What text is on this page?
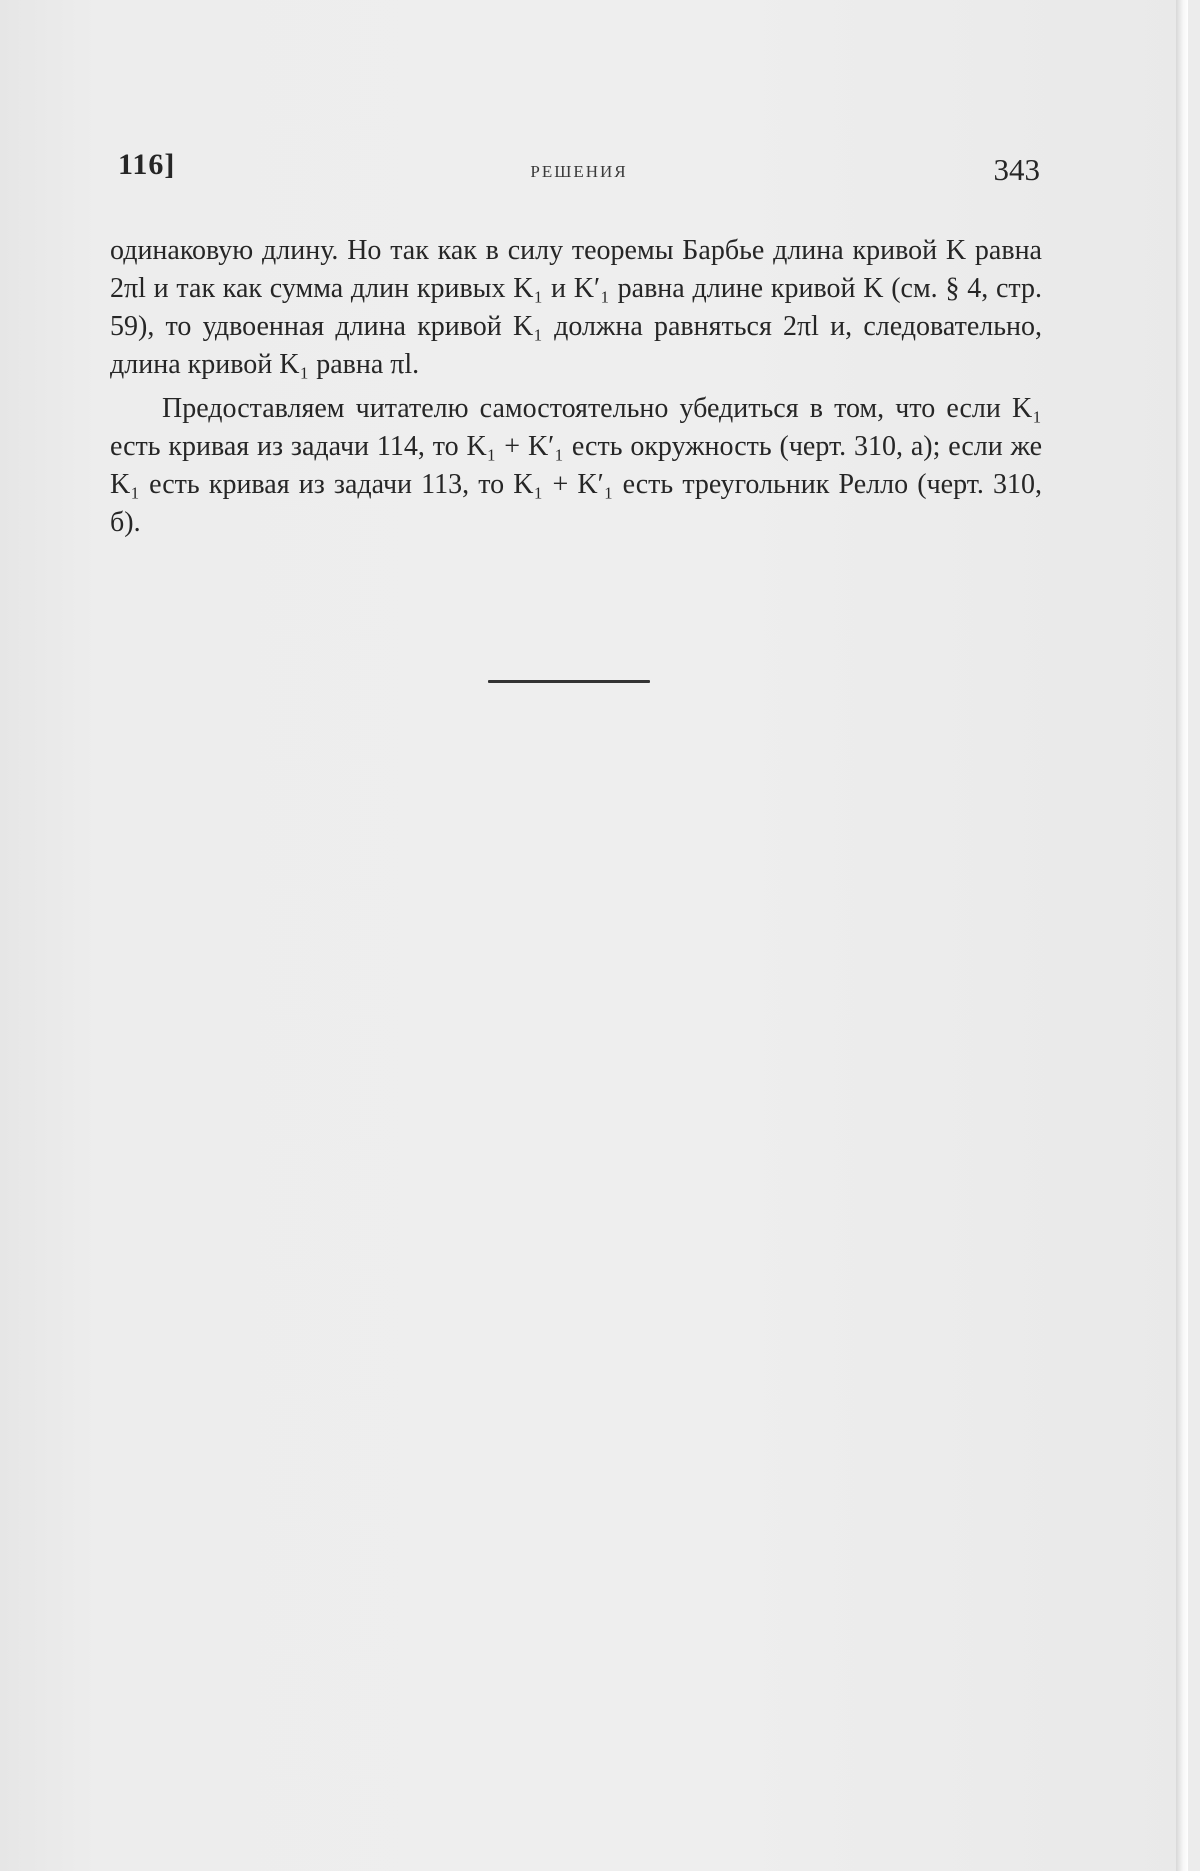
116]	РЕШЕНИЯ	343

одинаковую длину. Но так как в силу теоремы Барбье длина кривой K равна 2πl и так как сумма длин кривых K₁ и K′₁ равна длине кривой K (см. § 4, стр. 59), то удвоенная длина кривой K₁ должна равняться 2πl и, следовательно, длина кривой K₁ равна πl.

Предоставляем читателю самостоятельно убедиться в том, что если K₁ есть кривая из задачи 114, то K₁ + K′₁ есть окружность (черт. 310, а); если же K₁ есть кривая из задачи 113, то K₁ + K′₁ есть треугольник Релло (черт. 310, б).
